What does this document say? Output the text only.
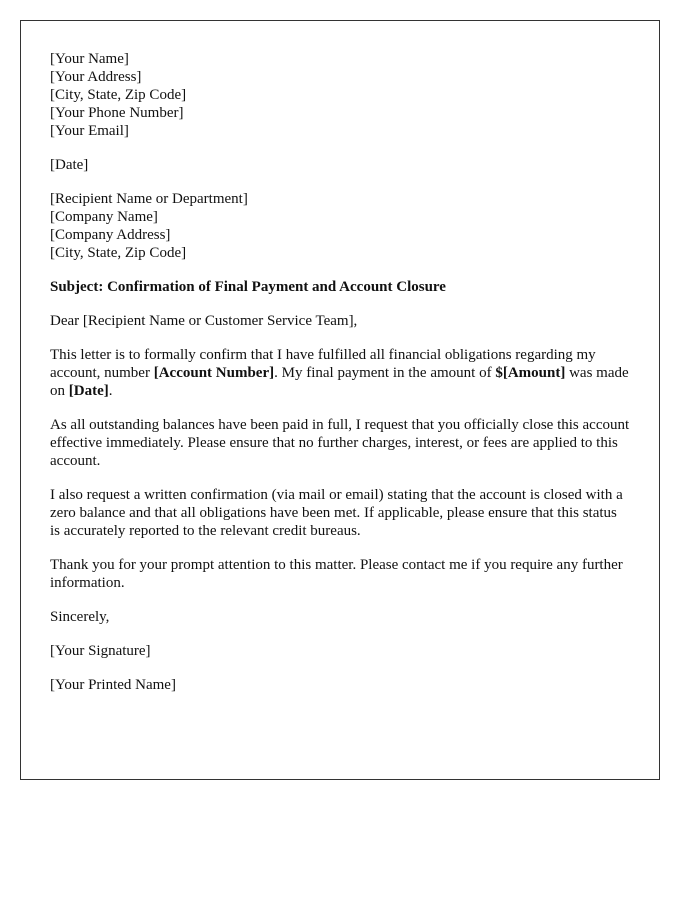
[Your Name]
[Your Address]
[City, State, Zip Code]
[Your Phone Number]
[Your Email]
[Date]
[Recipient Name or Department]
[Company Name]
[Company Address]
[City, State, Zip Code]
Subject: Confirmation of Final Payment and Account Closure

Dear [Recipient Name or Customer Service Team],

This letter is to formally confirm that I have fulfilled all financial obligations regarding my account, number [Account Number]. My final payment in the amount of $[Amount] was made on [Date].

As all outstanding balances have been paid in full, I request that you officially close this account effective immediately. Please ensure that no further charges, interest, or fees are applied to this account.

I also request a written confirmation (via mail or email) stating that the account is closed with a zero balance and that all obligations have been met. If applicable, please ensure that this status is accurately reported to the relevant credit bureaus.

Thank you for your prompt attention to this matter. Please contact me if you require any further information.

Sincerely,

[Your Signature]

[Your Printed Name]
